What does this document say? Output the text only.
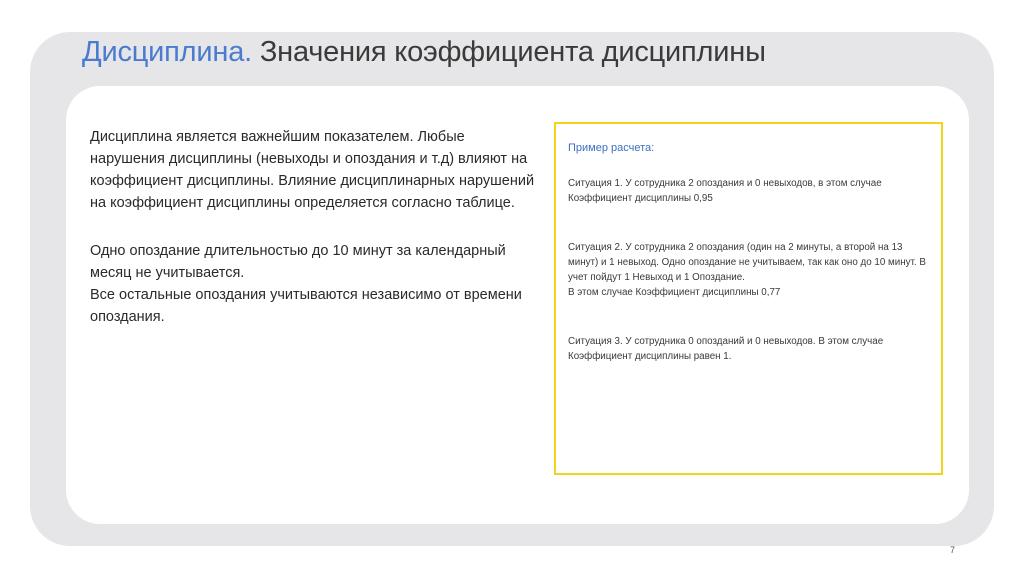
Дисциплина. Значения коэффициента дисциплины

Дисциплина является важнейшим показателем. Любые нарушения дисциплины (невыходы и опоздания и т.д) влияют на коэффициент дисциплины. Влияние дисциплинарных нарушений на коэффициент дисциплины определяется согласно таблице.

Одно опоздание длительностью до 10 минут за календарный месяц не учитывается.

Все остальные опоздания учитываются независимо от времени опоздания.

Пример расчета:
Ситуация 1. У сотрудника 2 опоздания и 0 невыходов, в этом случае Коэффициент дисциплины 0,95
Ситуация 2. У сотрудника 2 опоздания (один на 2 минуты, а второй на 13 минут) и 1 невыход. Одно опоздание не учитываем, так как оно до 10 минут. В учет пойдут 1 Невыход и 1 Опоздание.
В этом случае Коэффициент дисциплины 0,77
Ситуация 3. У сотрудника 0 опозданий и 0 невыходов. В этом случае Коэффициент дисциплины равен 1.
7
